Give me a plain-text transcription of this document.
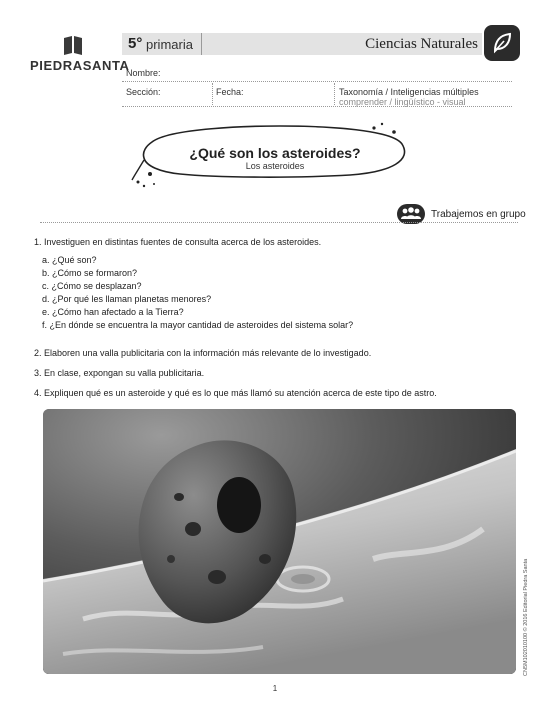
PIEDRASANTA
5° primaria	Ciencias Naturales
Nombre:
Sección:	Fecha:	Taxonomía / Inteligencias múltiples
comprender / lingüístico - visual
¿Qué son los asteroides?
Los asteroides
Trabajemos en grupo
1. Investiguen en distintas fuentes de consulta acerca de los asteroides.
a. ¿Qué son?
b. ¿Cómo se formaron?
c. ¿Cómo se desplazan?
d. ¿Por qué les llaman planetas menores?
e. ¿Cómo han afectado a la Tierra?
f. ¿En dónde se encuentra la mayor cantidad de asteroides del sistema solar?
2. Elaboren una valla publicitaria con la información más relevante de lo investigado.
3. En clase, expongan su valla publicitaria.
4. Expliquen qué es un asteroide y qué es lo que más llamó su atención acerca de este tipo de astro.
CN5M102010100 © 2016 Editorial Piedra Santa
1
